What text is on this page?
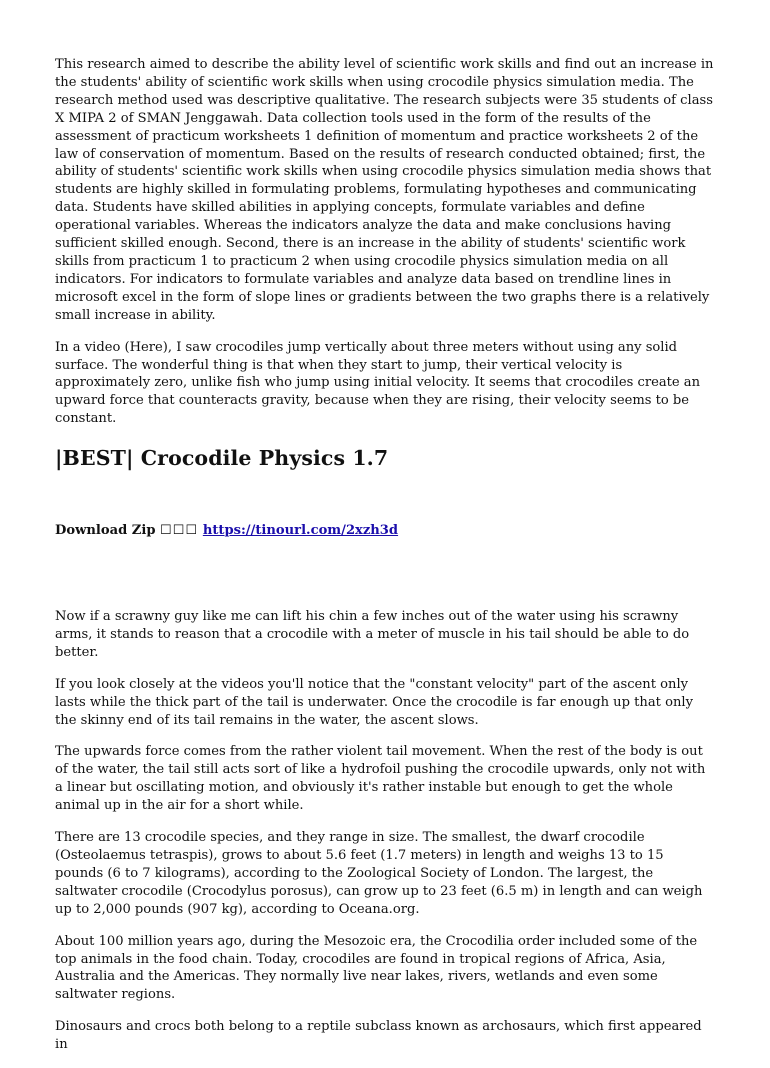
This research aimed to describe the ability level of scientific work skills and find out an increase in the students' ability of scientific work skills when using crocodile physics simulation media. The research method used was descriptive qualitative. The research subjects were 35 students of class X MIPA 2 of SMAN Jenggawah. Data collection tools used in the form of the results of the assessment of practicum worksheets 1 definition of momentum and practice worksheets 2 of the law of conservation of momentum. Based on the results of research conducted obtained; first, the ability of students' scientific work skills when using crocodile physics simulation media shows that students are highly skilled in formulating problems, formulating hypotheses and communicating data. Students have skilled abilities in applying concepts, formulate variables and define operational variables. Whereas the indicators analyze the data and make conclusions having sufficient skilled enough. Second, there is an increase in the ability of students' scientific work skills from practicum 1 to practicum 2 when using crocodile physics simulation media on all indicators. For indicators to formulate variables and analyze data based on trendline lines in microsoft excel in the form of slope lines or gradients between the two graphs there is a relatively small increase in ability.

In a video (Here), I saw crocodiles jump vertically about three meters without using any solid surface. The wonderful thing is that when they start to jump, their vertical velocity is approximately zero, unlike fish who jump using initial velocity. It seems that crocodiles create an upward force that counteracts gravity, because when they are rising, their velocity seems to be constant.

|BEST| Crocodile Physics 1.7
Download Zip ☐☐☐ https://tinourl.com/2xzh3d

Now if a scrawny guy like me can lift his chin a few inches out of the water using his scrawny arms, it stands to reason that a crocodile with a meter of muscle in his tail should be able to do better.

If you look closely at the videos you'll notice that the "constant velocity" part of the ascent only lasts while the thick part of the tail is underwater. Once the crocodile is far enough up that only the skinny end of its tail remains in the water, the ascent slows.

The upwards force comes from the rather violent tail movement. When the rest of the body is out of the water, the tail still acts sort of like a hydrofoil pushing the crocodile upwards, only not with a linear but oscillating motion, and obviously it's rather instable but enough to get the whole animal up in the air for a short while.

There are 13 crocodile species, and they range in size. The smallest, the dwarf crocodile (Osteolaemus tetraspis), grows to about 5.6 feet (1.7 meters) in length and weighs 13 to 15 pounds (6 to 7 kilograms), according to the Zoological Society of London. The largest, the saltwater crocodile (Crocodylus porosus), can grow up to 23 feet (6.5 m) in length and can weigh up to 2,000 pounds (907 kg), according to Oceana.org.

About 100 million years ago, during the Mesozoic era, the Crocodilia order included some of the top animals in the food chain. Today, crocodiles are found in tropical regions of Africa, Asia, Australia and the Americas. They normally live near lakes, rivers, wetlands and even some saltwater regions.

Dinosaurs and crocs both belong to a reptile subclass known as archosaurs, which first appeared in
